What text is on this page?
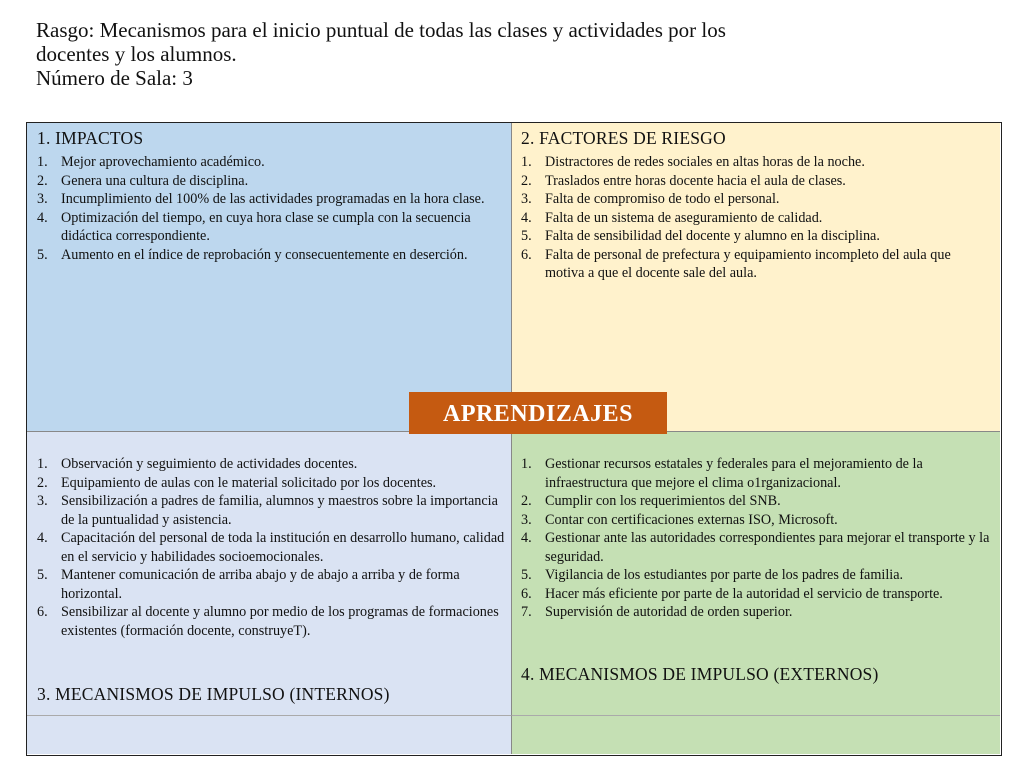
Rasgo: Mecanismos para el inicio puntual de todas las clases y actividades por los
docentes y los alumnos.
Número de Sala: 3
1. IMPACTOS
1. Mejor aprovechamiento académico.
2. Genera una cultura de disciplina.
3. Incumplimiento del 100% de las actividades programadas en la hora clase.
4. Optimización del tiempo, en cuya hora clase se cumpla con la secuencia didáctica correspondiente.
5. Aumento en el índice de reprobación y consecuentemente en deserción.
2. FACTORES DE RIESGO
1. Distractores de redes sociales en altas horas de la noche.
2. Traslados entre horas docente hacia el aula de clases.
3. Falta de compromiso de todo el personal.
4. Falta de un sistema de aseguramiento de calidad.
5. Falta de sensibilidad del docente y alumno en la disciplina.
6. Falta de personal de prefectura y equipamiento incompleto del aula que motiva a que el docente sale del aula.
1. Observación y seguimiento de actividades docentes.
2. Equipamiento de aulas con le material solicitado por los docentes.
3. Sensibilización a padres de familia, alumnos y maestros sobre la importancia de la puntualidad y asistencia.
4. Capacitación del personal de toda la institución en desarrollo humano, calidad en el servicio y habilidades socioemocionales.
5. Mantener comunicación de arriba abajo y de abajo a arriba y de forma horizontal.
6. Sensibilizar al docente y alumno por medio de los programas de formaciones existentes (formación docente, construyeT).
3. MECANISMOS DE IMPULSO (INTERNOS)
1. Gestionar recursos estatales y federales para el mejoramiento de la infraestructura que mejore el clima o1rganizacional.
2. Cumplir con los requerimientos del SNB.
3. Contar con certificaciones externas ISO, Microsoft.
4. Gestionar ante las autoridades correspondientes para mejorar el transporte y la seguridad.
5. Vigilancia de los estudiantes por parte de los padres de familia.
6. Hacer más eficiente por parte de la autoridad el servicio de transporte.
7. Supervisión de autoridad de orden superior.
4. MECANISMOS DE IMPULSO (EXTERNOS)
APRENDIZAJES
